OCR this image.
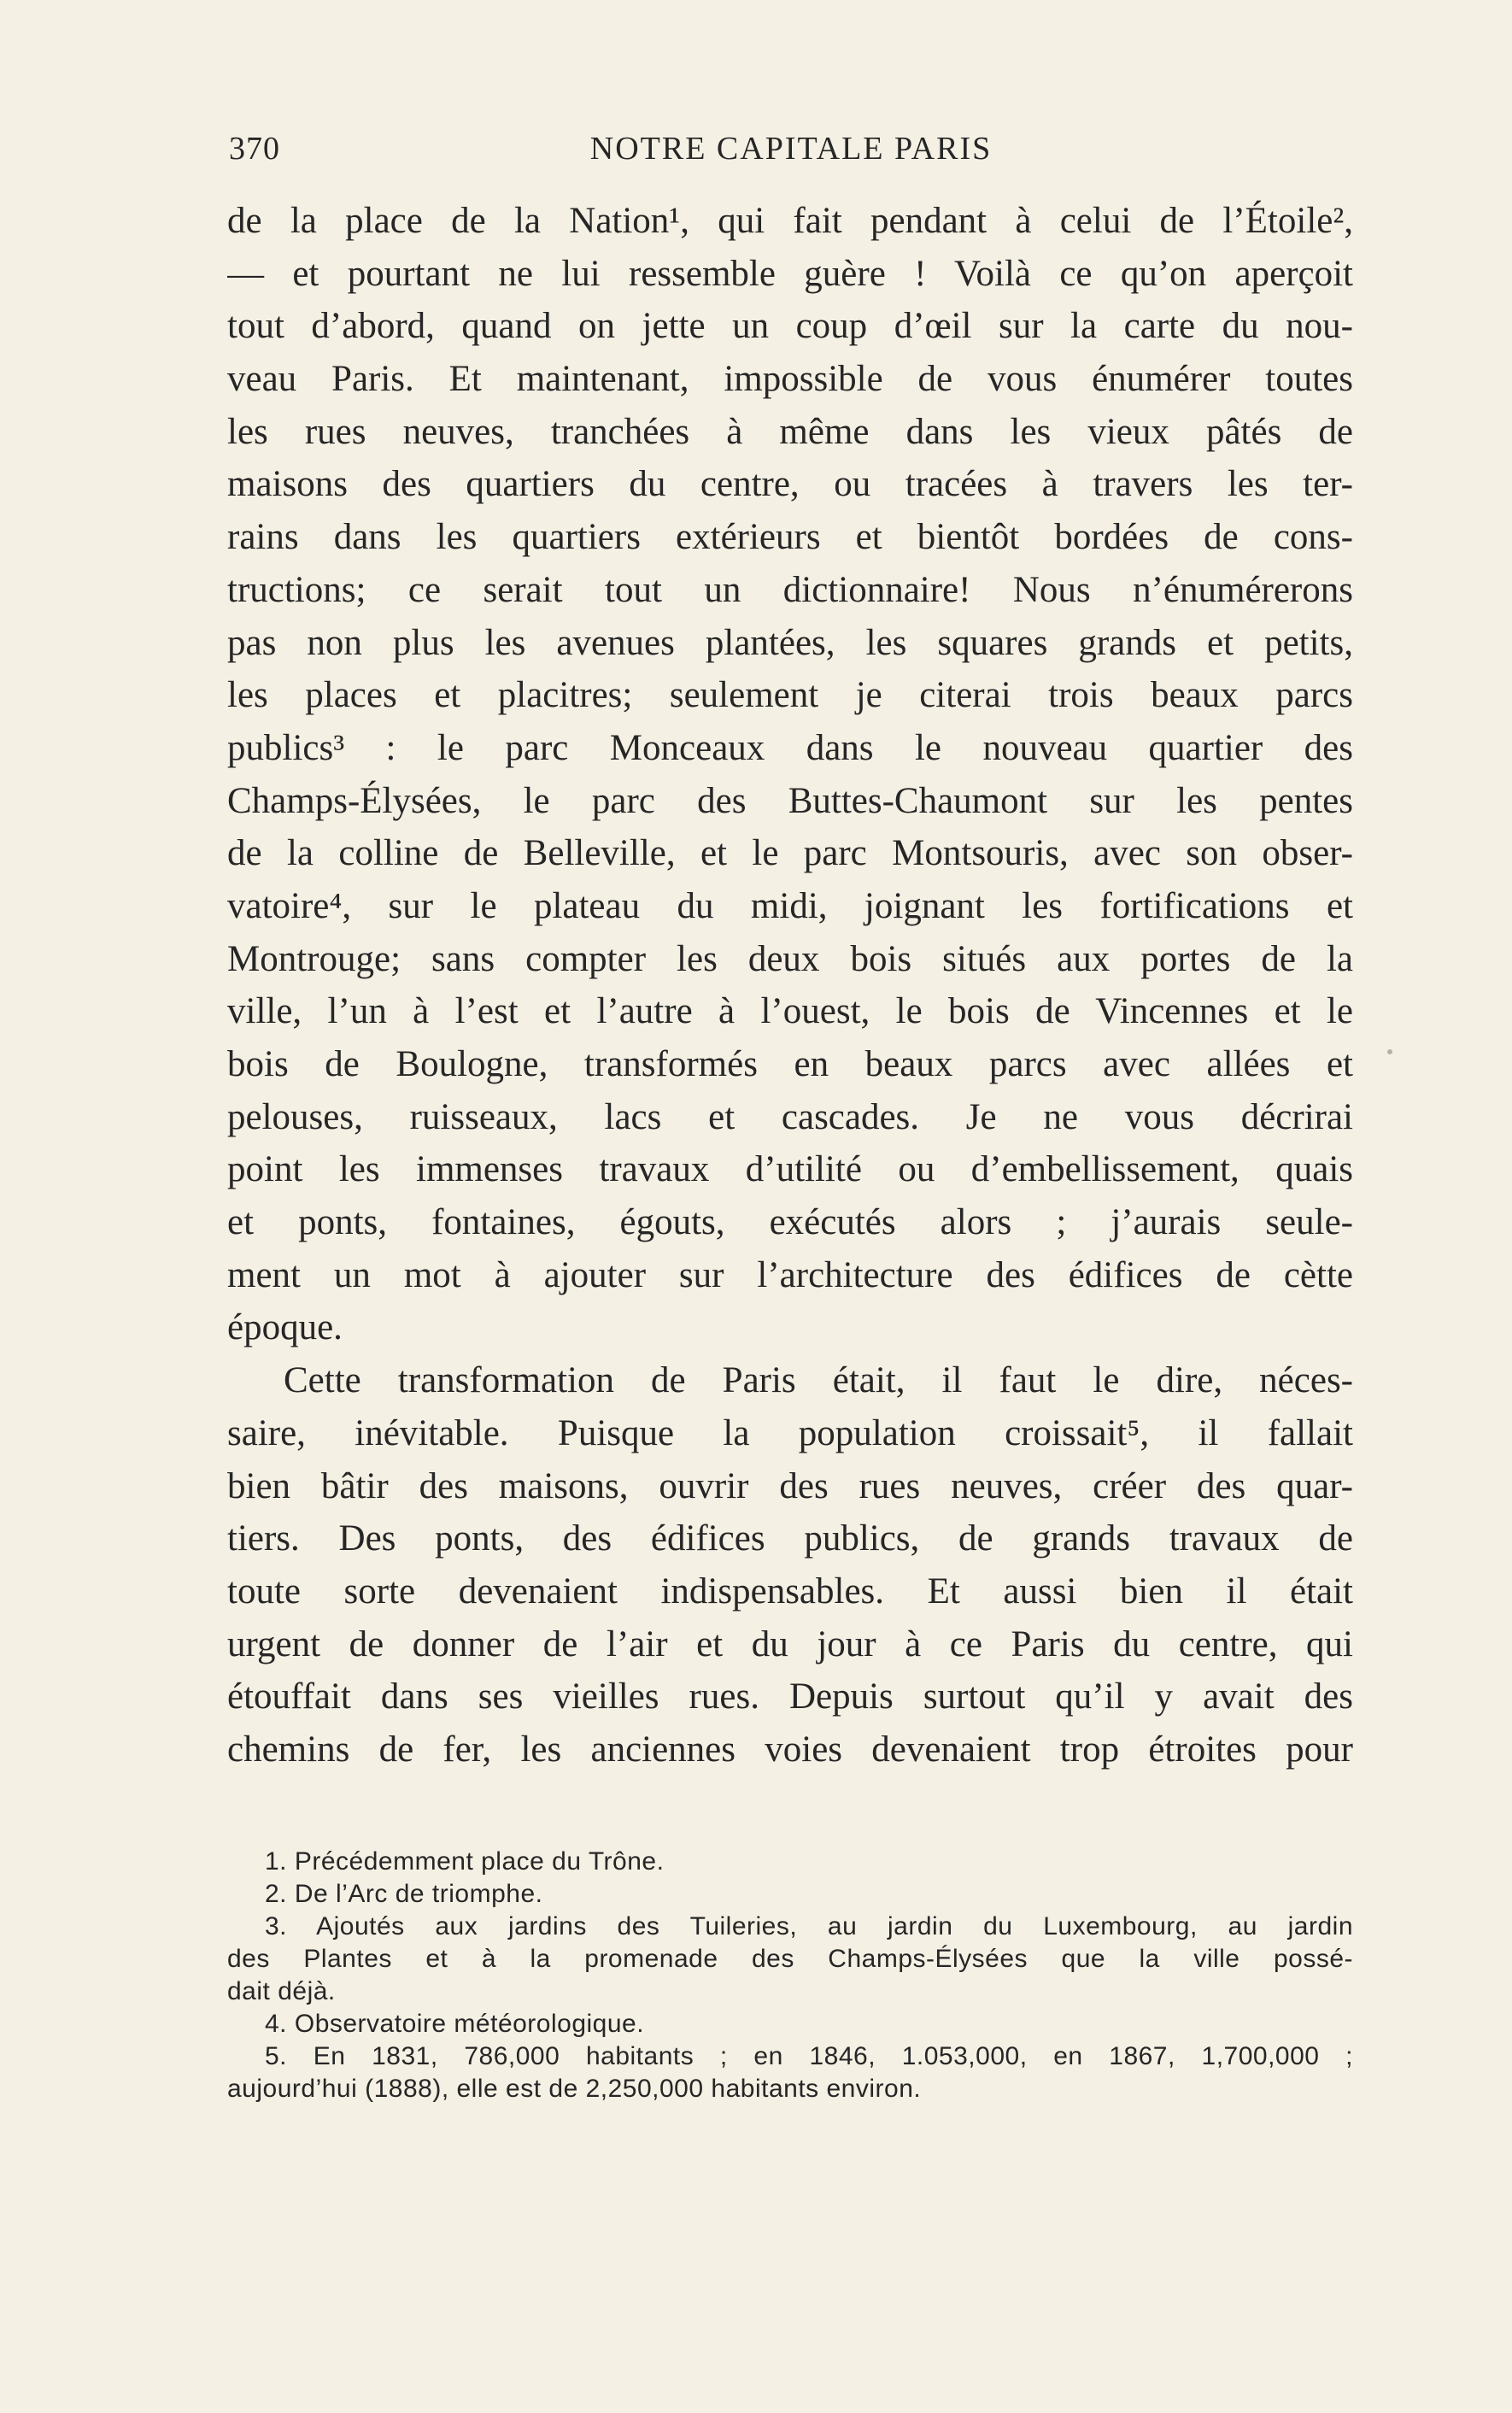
370	NOTRE CAPITALE PARIS
de la place de la Nation¹, qui fait pendant à celui de l’Étoile²,
— et pourtant ne lui ressemble guère ! Voilà ce qu’on aperçoit
tout d’abord, quand on jette un coup d’œil sur la carte du nou-
veau Paris. Et maintenant, impossible de vous énumérer toutes
les rues neuves, tranchées à même dans les vieux pâtés de
maisons des quartiers du centre, ou tracées à travers les ter-
rains dans les quartiers extérieurs et bientôt bordées de cons-
tructions; ce serait tout un dictionnaire! Nous n’énumérerons
pas non plus les avenues plantées, les squares grands et petits,
les places et placitres; seulement je citerai trois beaux parcs
publics³ : le parc Monceaux dans le nouveau quartier des
Champs-Élysées, le parc des Buttes-Chaumont sur les pentes
de la colline de Belleville, et le parc Montsouris, avec son obser-
vatoire⁴, sur le plateau du midi, joignant les fortifications et
Montrouge; sans compter les deux bois situés aux portes de la
ville, l’un à l’est et l’autre à l’ouest, le bois de Vincennes et le
bois de Boulogne, transformés en beaux parcs avec allées et
pelouses, ruisseaux, lacs et cascades. Je ne vous décrirai
point les immenses travaux d’utilité ou d’embellissement, quais
et ponts, fontaines, égouts, exécutés alors ; j’aurais seule-
ment un mot à ajouter sur l’architecture des édifices de cètte
époque.
Cette transformation de Paris était, il faut le dire, néces-
saire, inévitable. Puisque la population croissait⁵, il fallait
bien bâtir des maisons, ouvrir des rues neuves, créer des quar-
tiers. Des ponts, des édifices publics, de grands travaux de
toute sorte devenaient indispensables. Et aussi bien il était
urgent de donner de l’air et du jour à ce Paris du centre, qui
étouffait dans ses vieilles rues. Depuis surtout qu’il y avait des
chemins de fer, les anciennes voies devenaient trop étroites pour
1. Précédemment place du Trône.
2. De l’Arc de triomphe.
3. Ajoutés aux jardins des Tuileries, au jardin du Luxembourg, au jardin
des Plantes et à la promenade des Champs-Élysées que la ville possé-
dait déjà.
4. Observatoire météorologique.
5. En 1831, 786,000 habitants ; en 1846, 1.053,000, en 1867, 1,700,000 ;
aujourd’hui (1888), elle est de 2,250,000 habitants environ.
